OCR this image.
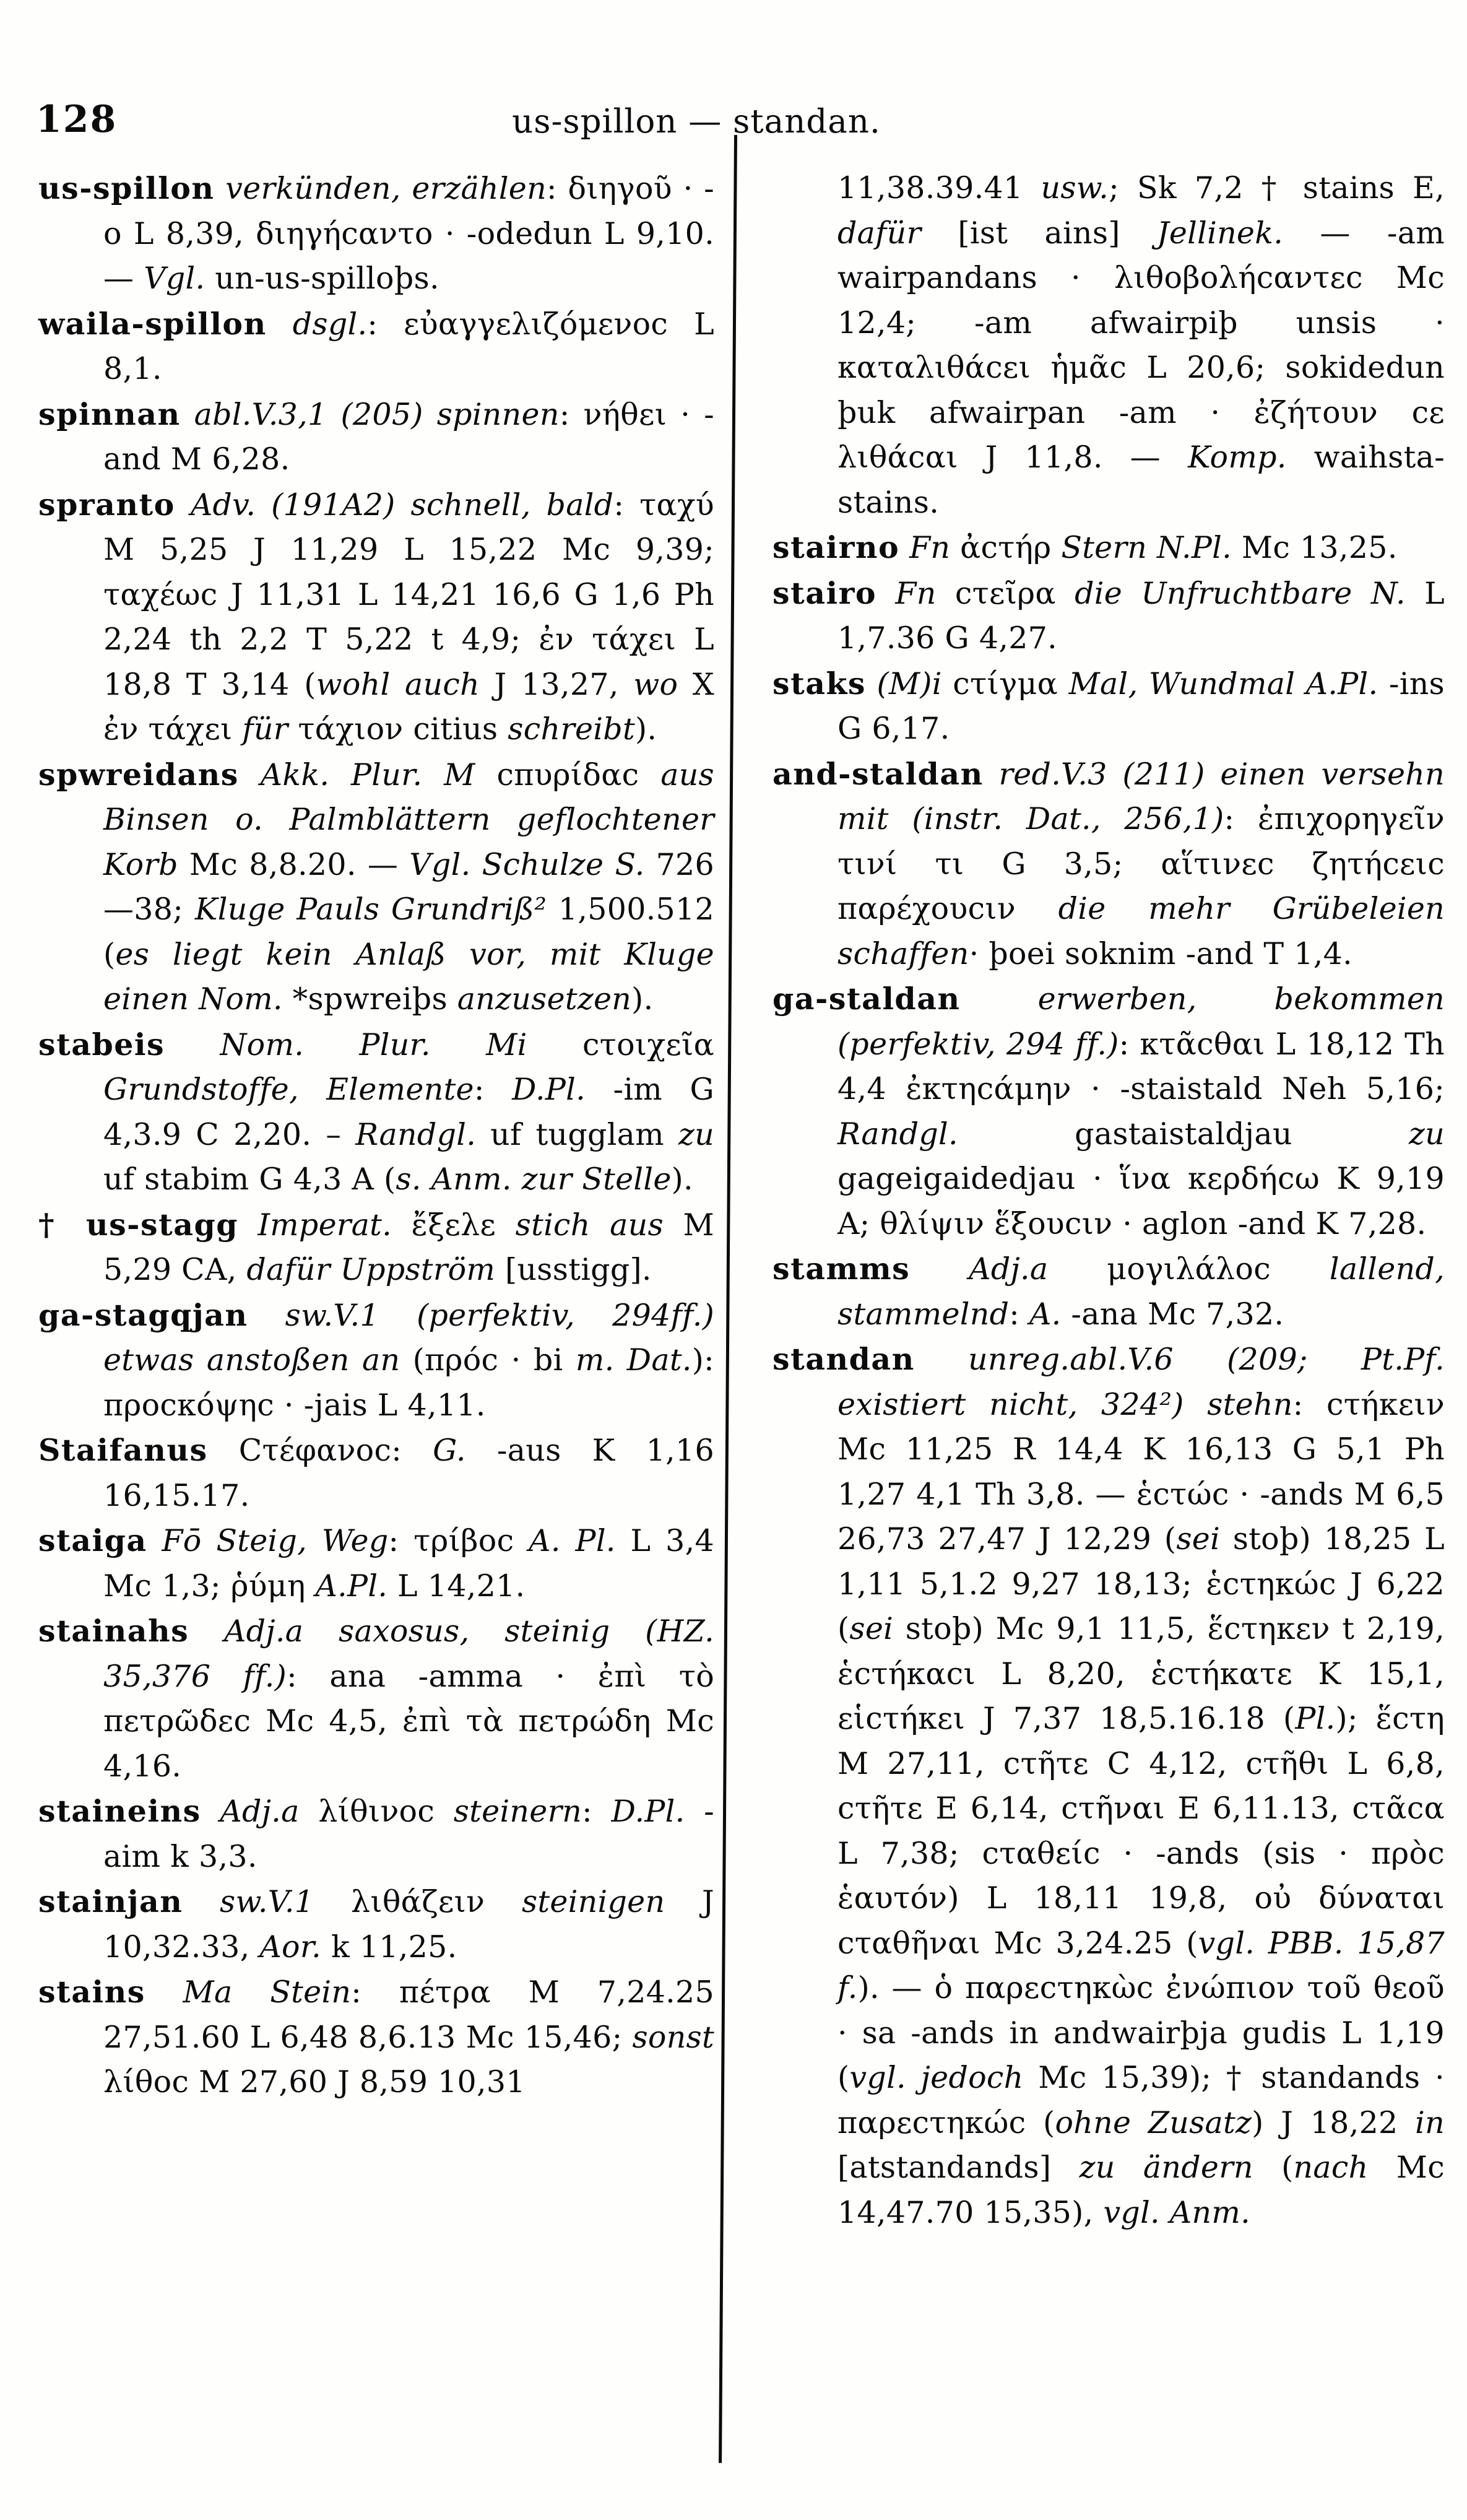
128	us-spillon — standan.

us-spillon verkünden, erzählen: διηγοῦ · -o L 8,39, διηγήcαντο · -odedun L 9,10. — Vgl. un-us-spilloþs.

waila-spillon dsgl.: εὐαγγελιζόμενοc L 8,1.

spinnan abl.V.3,1 (205) spinnen: νήθει · -and M 6,28.

spranto Adv. (191A2) schnell, bald: ταχύ M 5,25 J 11,29 L 15,22 Mc 9,39; ταχέωc J 11,31 L 14,21 16,6 G 1,6 Ph 2,24 th 2,2 T 5,22 t 4,9; ἐν τάχει L 18,8 T 3,14 (wohl auch J 13,27, wo X ἐν τάχει für τάχιον citius schreibt).

spwreidans Akk. Plur. M cπυρίδαc aus Binsen o. Palmblättern geflochtener Korb Mc 8,8.20. — Vgl. Schulze S. 726—38; Kluge Pauls Grundriß² 1,500.512 (es liegt kein Anlaß vor, mit Kluge einen Nom. *spwreiþs anzusetzen).

stabeis Nom. Plur. Mi cτοιχεῖα Grundstoffe, Elemente: D.Pl. -im G 4,3.9 C 2,20. – Randgl. uf tugglam zu uf stabim G 4,3 A (s. Anm. zur Stelle).

† us-stagg Imperat. ἔξελε stich aus M 5,29 CA, dafür Uppström [usstigg].

ga-stagqjan sw.V.1 (perfektiv, 294ff.) etwas anstoßen an (πρόc · bi m. Dat.): προcκόψηc · -jais L 4,11.

Staifanus Cτέφανοc: G. -aus K 1,16 16,15.17.

staiga Fō Steig, Weg: τρίβοc A. Pl. L 3,4 Mc 1,3; ῥύμη A.Pl. L 14,21.

stainahs Adj.a saxosus, steinig (HZ. 35,376 ff.): ana -amma · ἐπὶ τὸ πετρῶδεc Mc 4,5, ἐπὶ τὰ πετρώδη Mc 4,16.

staineins Adj.a λίθινοc steinern: D.Pl. -aim k 3,3.

stainjan sw.V.1 λιθάζειν steinigen J 10,32.33, Aor. k 11,25.

stains Ma Stein: πέτρα M 7,24.25 27,51.60 L 6,48 8,6.13 Mc 15,46; sonst λίθοc M 27,60 J 8,59 10,31

11,38.39.41 usw.; Sk 7,2 † stains E, dafür [ist ains] Jellinek. — -am wairpandans · λιθοβολήcαντεc Mc 12,4; -am afwairpiþ unsis · καταλιθάcει ἡμᾶc L 20,6; sokidedun þuk afwairpan -am · ἐζήτουν cε λιθάcαι J 11,8. — Komp. waihsta-stains.

stairno Fn ἀcτήρ Stern N.Pl. Mc 13,25.

stairo Fn cτεῖρα die Unfruchtbare N. L 1,7.36 G 4,27.

staks (M)i cτίγμα Mal, Wundmal A.Pl. -ins G 6,17.

and-staldan red.V.3 (211) einen versehn mit (instr. Dat., 256,1): ἐπιχορηγεῖν τινί τι G 3,5; αἵτινεc ζητήcειc παρέχουcιν die mehr Grübeleien schaffen· þoei soknim -and T 1,4.

ga-staldan erwerben, bekommen (perfektiv, 294 ff.): κτᾶcθαι L 18,12 Th 4,4 ἐκτηcάμην · -staistald Neh 5,16; Randgl. gastaistaldjau zu gageigaidedjau · ἵνα κερδήcω K 9,19 A; θλίψιν ἕξουcιν · aglon -and K 7,28.

stamms Adj.a μογιλάλοc lallend, stammelnd: A. -ana Mc 7,32.

standan unreg.abl.V.6 (209; Pt.Pf. existiert nicht, 324²) stehn: cτήκειν Mc 11,25 R 14,4 K 16,13 G 5,1 Ph 1,27 4,1 Th 3,8. — ἑcτώc · -ands M 6,5 26,73 27,47 J 12,29 (sei stoþ) 18,25 L 1,11 5,1.2 9,27 18,13; ἑcτηκώc J 6,22 (sei stoþ) Mc 9,1 11,5, ἕcτηκεν t 2,19, ἑcτήκαcι L 8,20, ἑcτήκατε K 15,1, εἱcτήκει J 7,37 18,5.16.18 (Pl.); ἕcτη M 27,11, cτῆτε C 4,12, cτῆθι L 6,8, cτῆτε E 6,14, cτῆναι E 6,11.13, cτᾶcα L 7,38; cταθείc · -ands (sis · πρὸc ἑαυτόν) L 18,11 19,8, οὐ δύναται cταθῆναι Mc 3,24.25 (vgl. PBB. 15,87 f.). — ὁ παρεcτηκὼc ἐνώπιον τοῦ θεοῦ · sa -ands in andwairþja gudis L 1,19 (vgl. jedoch Mc 15,39); † standands · παρεcτηκώc (ohne Zusatz) J 18,22 in [atstandands] zu ändern (nach Mc 14,47.70 15,35), vgl. Anm.
